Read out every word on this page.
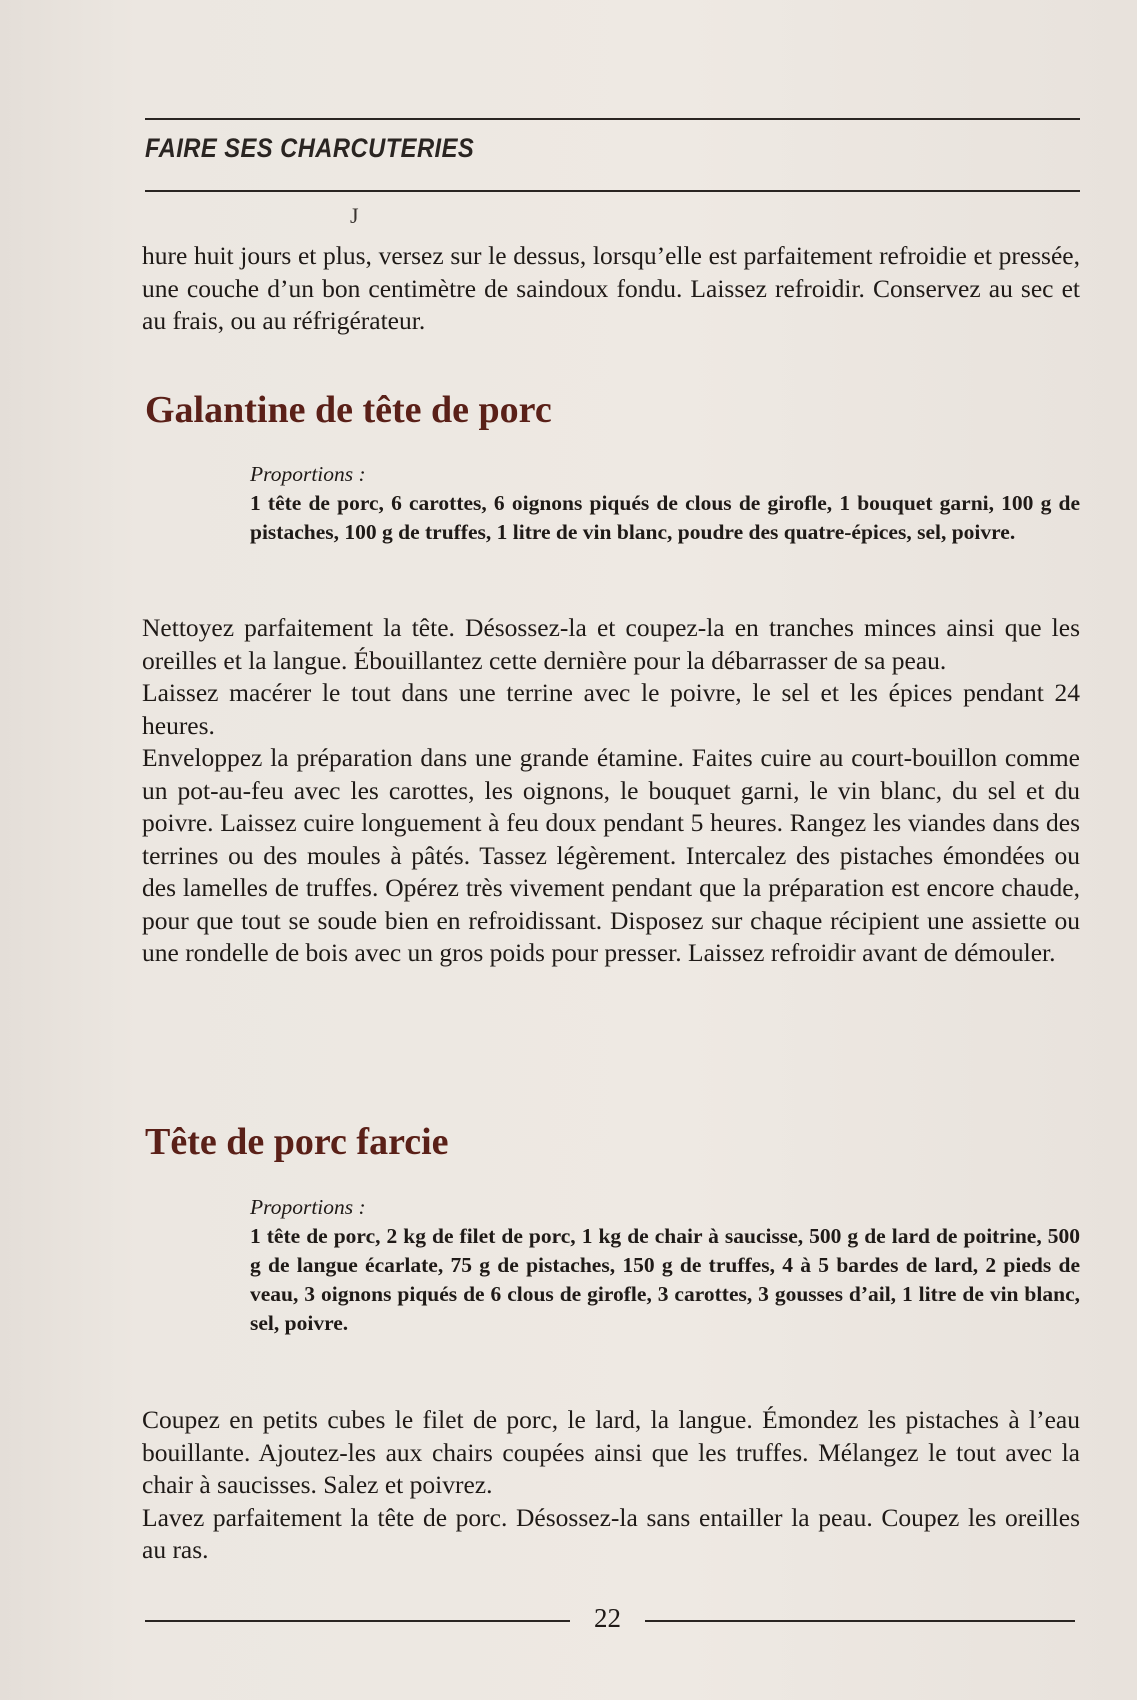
FAIRE SES CHARCUTERIES
J

hure huit jours et plus, versez sur le dessus, lorsqu’elle est parfaitement refroidie et pressée, une couche d’un bon centimètre de saindoux fondu. Laissez refroidir. Conservez au sec et au frais, ou au réfrigérateur.

Galantine de tête de porc

Proportions :

1 tête de porc, 6 carottes, 6 oignons piqués de clous de girofle, 1 bouquet garni, 100 g de pistaches, 100 g de truffes, 1 litre de vin blanc, poudre des quatre-épices, sel, poivre.

Nettoyez parfaitement la tête. Désossez-la et coupez-la en tranches minces ainsi que les oreilles et la langue. Ébouillantez cette dernière pour la débarrasser de sa peau.

Laissez macérer le tout dans une terrine avec le poivre, le sel et les épices pendant 24 heures.

Enveloppez la préparation dans une grande étamine. Faites cuire au court-bouillon comme un pot-au-feu avec les carottes, les oignons, le bouquet garni, le vin blanc, du sel et du poivre. Laissez cuire longuement à feu doux pendant 5 heures. Rangez les viandes dans des terrines ou des moules à pâtés. Tassez légèrement. Intercalez des pistaches émondées ou des lamelles de truffes. Opérez très vivement pendant que la préparation est encore chaude, pour que tout se soude bien en refroidissant. Disposez sur chaque récipient une assiette ou une rondelle de bois avec un gros poids pour presser. Laissez refroidir avant de démouler.

Tête de porc farcie

Proportions :

1 tête de porc, 2 kg de filet de porc, 1 kg de chair à saucisse, 500 g de lard de poitrine, 500 g de langue écarlate, 75 g de pistaches, 150 g de truffes, 4 à 5 bardes de lard, 2 pieds de veau, 3 oignons piqués de 6 clous de girofle, 3 carottes, 3 gousses d’ail, 1 litre de vin blanc, sel, poivre.

Coupez en petits cubes le filet de porc, le lard, la langue. Émondez les pistaches à l’eau bouillante. Ajoutez-les aux chairs coupées ainsi que les truffes. Mélangez le tout avec la chair à saucisses. Salez et poivrez.

Lavez parfaitement la tête de porc. Désossez-la sans entailler la peau. Coupez les oreilles au ras.

22
